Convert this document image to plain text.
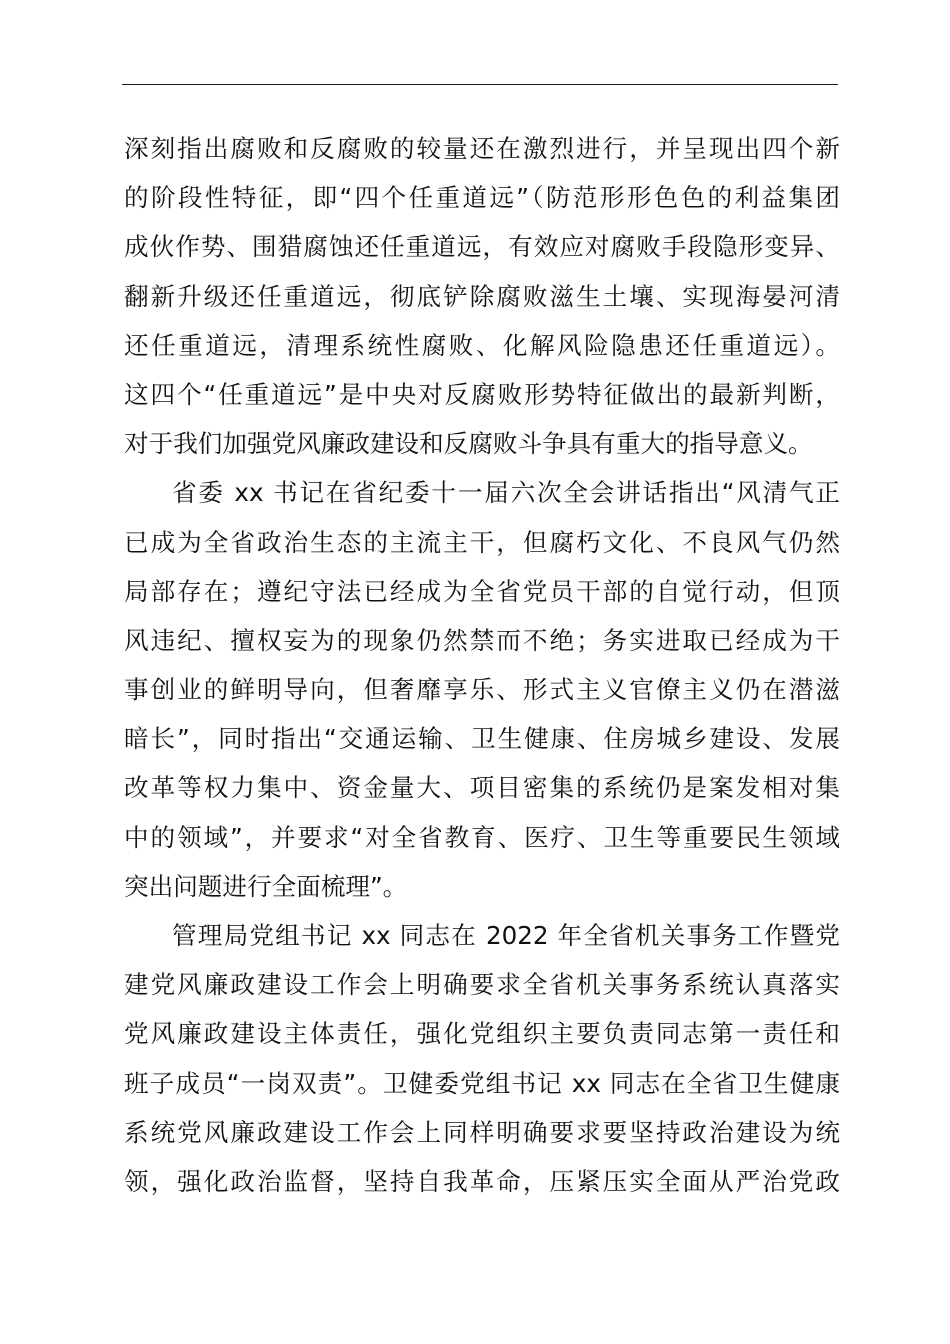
深刻指出腐败和反腐败的较量还在激烈进行，并呈现出四个新
的阶段性特征，即“四个任重道远”（防范形形色色的利益集团
成伙作势、围猎腐蚀还任重道远，有效应对腐败手段隐形变异、
翻新升级还任重道远，彻底铲除腐败滋生土壤、实现海晏河清
还任重道远，清理系统性腐败、化解风险隐患还任重道远）。
这四个“任重道远”是中央对反腐败形势特征做出的最新判断，
对于我们加强党风廉政建设和反腐败斗争具有重大的指导意义。
省委 xx 书记在省纪委十一届六次全会讲话指出“风清气正
已成为全省政治生态的主流主干，但腐朽文化、不良风气仍然
局部存在；遵纪守法已经成为全省党员干部的自觉行动，但顶
风违纪、擅权妄为的现象仍然禁而不绝；务实进取已经成为干
事创业的鲜明导向，但奢靡享乐、形式主义官僚主义仍在潜滋
暗长”，同时指出“交通运输、卫生健康、住房城乡建设、发展
改革等权力集中、资金量大、项目密集的系统仍是案发相对集
中的领域”，并要求“对全省教育、医疗、卫生等重要民生领域
突出问题进行全面梳理”。
管理局党组书记 xx 同志在 2022 年全省机关事务工作暨党
建党风廉政建设工作会上明确要求全省机关事务系统认真落实
党风廉政建设主体责任，强化党组织主要负责同志第一责任和
班子成员“一岗双责”。卫健委党组书记 xx 同志在全省卫生健康
系统党风廉政建设工作会上同样明确要求要坚持政治建设为统
领，强化政治监督，坚持自我革命，压紧压实全面从严治党政
